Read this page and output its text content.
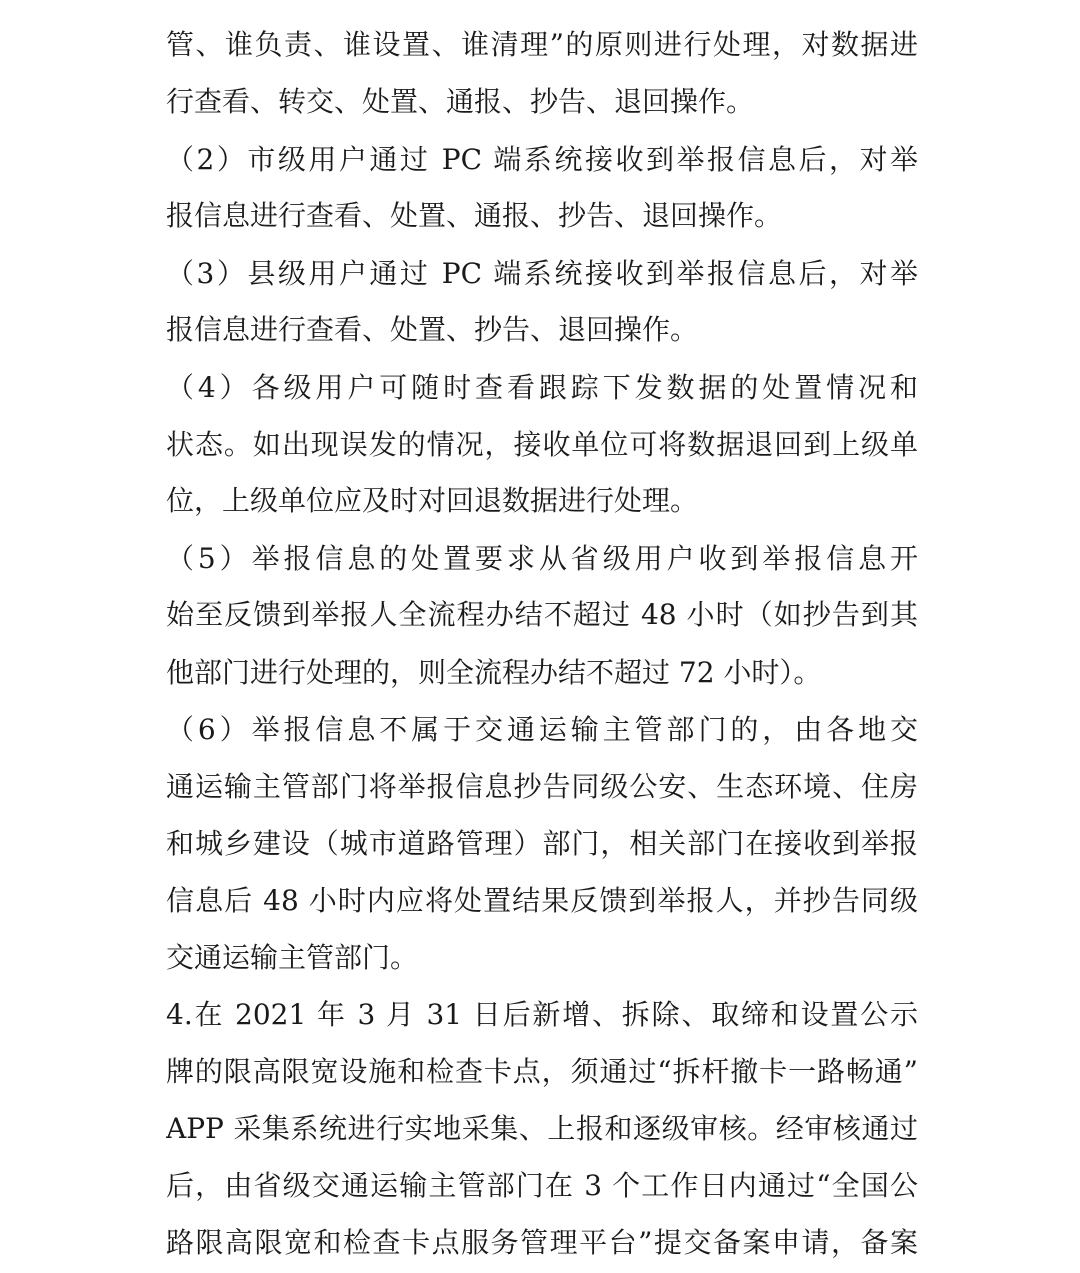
管、谁负责、谁设置、谁清理”的原则进行处理，对数据进
行查看、转交、处置、通报、抄告、退回操作。
（2）市级用户通过 PC 端系统接收到举报信息后，对举
报信息进行查看、处置、通报、抄告、退回操作。
（3）县级用户通过 PC 端系统接收到举报信息后，对举
报信息进行查看、处置、抄告、退回操作。
（4）各级用户可随时查看跟踪下发数据的处置情况和
状态。如出现误发的情况，接收单位可将数据退回到上级单
位，上级单位应及时对回退数据进行处理。
（5）举报信息的处置要求从省级用户收到举报信息开
始至反馈到举报人全流程办结不超过 48 小时（如抄告到其
他部门进行处理的，则全流程办结不超过 72 小时）。
（6）举报信息不属于交通运输主管部门的，由各地交
通运输主管部门将举报信息抄告同级公安、生态环境、住房
和城乡建设（城市道路管理）部门，相关部门在接收到举报
信息后 48 小时内应将处置结果反馈到举报人，并抄告同级
交通运输主管部门。
4.在 2021 年 3 月 31 日后新增、拆除、取缔和设置公示
牌的限高限宽设施和检查卡点，须通过“拆杆撤卡一路畅通”
APP 采集系统进行实地采集、上报和逐级审核。经审核通过
后，由省级交通运输主管部门在 3 个工作日内通过“全国公
路限高限宽和检查卡点服务管理平台”提交备案申请，备案
